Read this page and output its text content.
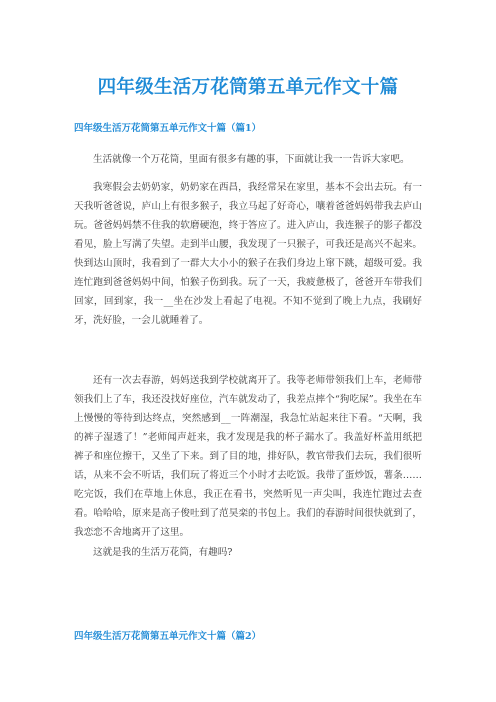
四年级生活万花筒第五单元作文十篇
四年级生活万花筒第五单元作文十篇（篇1）

生活就像一个万花筒，里面有很多有趣的事，下面就让我一一告诉大家吧。

我寒假会去奶奶家，奶奶家在西昌，我经常呆在家里，基本不会出去玩。有一天我听爸爸说，庐山上有很多猴子，我立马起了好奇心，嚷着爸爸妈妈带我去庐山玩。爸爸妈妈禁不住我的软磨硬泡，终于答应了。进入庐山，我连猴子的影子都没看见，脸上写满了失望。走到半山腰，我发现了一只猴子，可我还是高兴不起来。快到达山顶时，我看到了一群大大小小的猴子在我们身边上窜下跳，超级可爱。我连忙跑到爸爸妈妈中间，怕猴子伤到我。玩了一天，我疲惫极了，爸爸开车带我们回家，回到家，我一__坐在沙发上看起了电视。不知不觉到了晚上九点，我刷好牙，洗好脸，一会儿就睡着了。

还有一次去春游，妈妈送我到学校就离开了。我等老师带领我们上车，老师带领我们上了车，我还没找好座位，汽车就发动了，我差点摔个“狗吃屎”。我坐在车上慢慢的等待到达终点，突然感到__一阵潮湿，我急忙站起来往下看。“天啊，我的裤子湿透了！”老师闻声赶来，我才发现是我的杯子漏水了。我盖好杯盖用纸把裤子和座位擦干，又坐了下来。到了目的地，排好队，教官带我们去玩，我们很听话，从来不会不听话，我们玩了将近三个小时才去吃饭。我带了蛋炒饭，薯条……吃完饭，我们在草地上休息，我正在看书，突然听见一声尖叫，我连忙跑过去查看。哈哈哈，原来是高子俊吐到了范昊栾的书包上。我们的春游时间很快就到了，我恋恋不舍地离开了这里。

这就是我的生活万花筒，有趣吗?

四年级生活万花筒第五单元作文十篇（篇2）
